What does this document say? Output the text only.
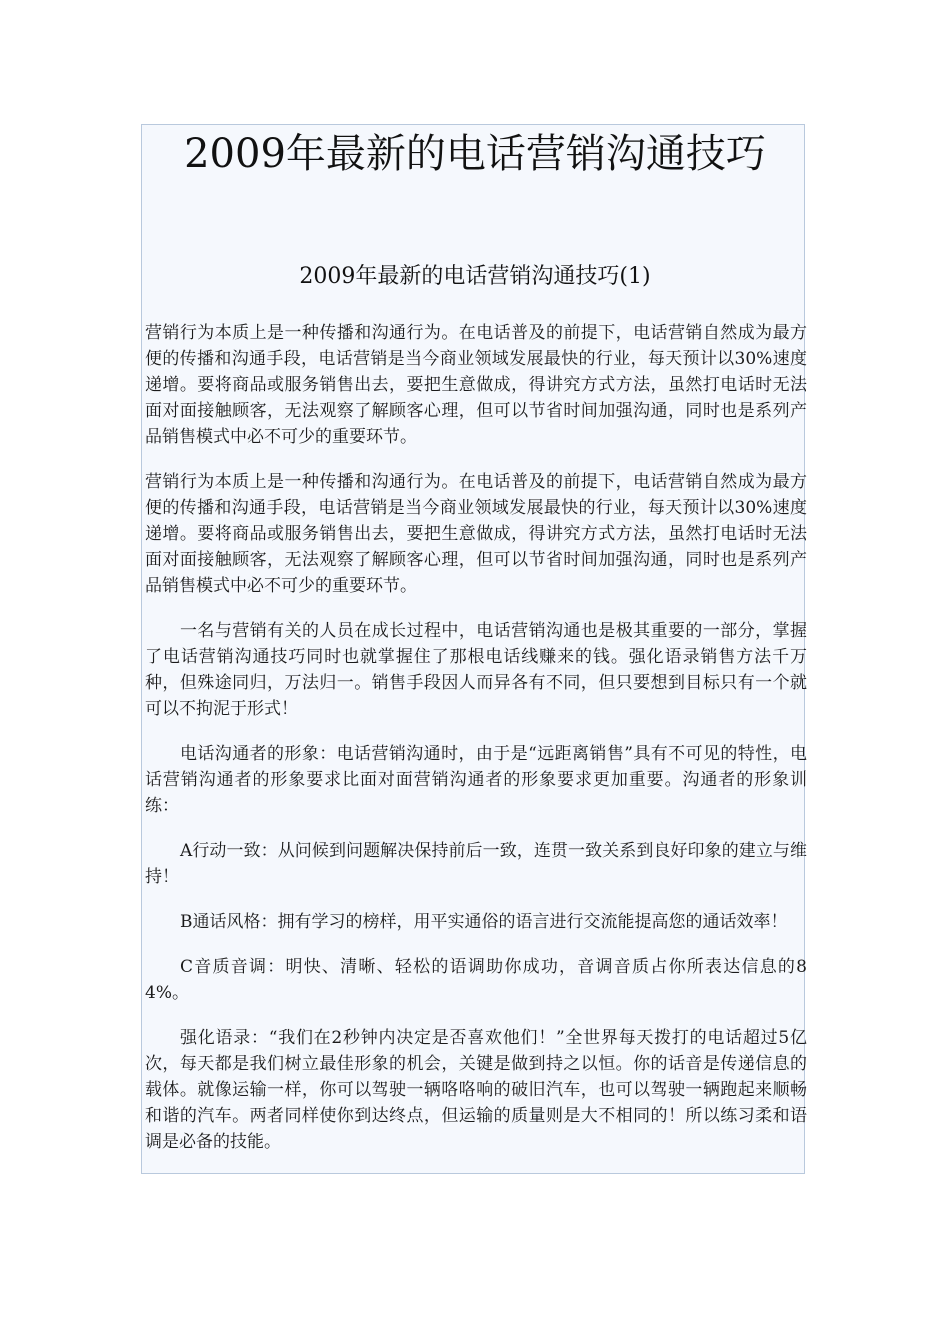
2009年最新的电话营销沟通技巧
2009年最新的电话营销沟通技巧(1)

营销行为本质上是一种传播和沟通行为。在电话普及的前提下，电话营销自然成为最方便的传播和沟通手段，电话营销是当今商业领域发展最快的行业，每天预计以30%速度递增。要将商品或服务销售出去，要把生意做成，得讲究方式方法，虽然打电话时无法面对面接触顾客，无法观察了解顾客心理，但可以节省时间加强沟通，同时也是系列产品销售模式中必不可少的重要环节。

营销行为本质上是一种传播和沟通行为。在电话普及的前提下，电话营销自然成为最方便的传播和沟通手段，电话营销是当今商业领域发展最快的行业，每天预计以30%速度递增。要将商品或服务销售出去，要把生意做成，得讲究方式方法，虽然打电话时无法面对面接触顾客，无法观察了解顾客心理，但可以节省时间加强沟通，同时也是系列产品销售模式中必不可少的重要环节。

一名与营销有关的人员在成长过程中，电话营销沟通也是极其重要的一部分，掌握了电话营销沟通技巧同时也就掌握住了那根电话线赚来的钱。强化语录销售方法千万种，但殊途同归，万法归一。销售手段因人而异各有不同，但只要想到目标只有一个就可以不拘泥于形式！

电话沟通者的形象：电话营销沟通时，由于是“远距离销售”具有不可见的特性，电话营销沟通者的形象要求比面对面营销沟通者的形象要求更加重要。沟通者的形象训练：

A行动一致：从问候到问题解决保持前后一致，连贯一致关系到良好印象的建立与维持！

B通话风格：拥有学习的榜样，用平实通俗的语言进行交流能提高您的通话效率！

C音质音调：明快、清晰、轻松的语调助你成功，音调音质占你所表达信息的84%。

强化语录：“我们在2秒钟内决定是否喜欢他们！”全世界每天拨打的电话超过5亿次，每天都是我们树立最佳形象的机会，关键是做到持之以恒。你的话音是传递信息的载体。就像运输一样，你可以驾驶一辆咯咯响的破旧汽车，也可以驾驶一辆跑起来顺畅和谐的汽车。两者同样使你到达终点，但运输的质量则是大不相同的！所以练习柔和语调是必备的技能。
